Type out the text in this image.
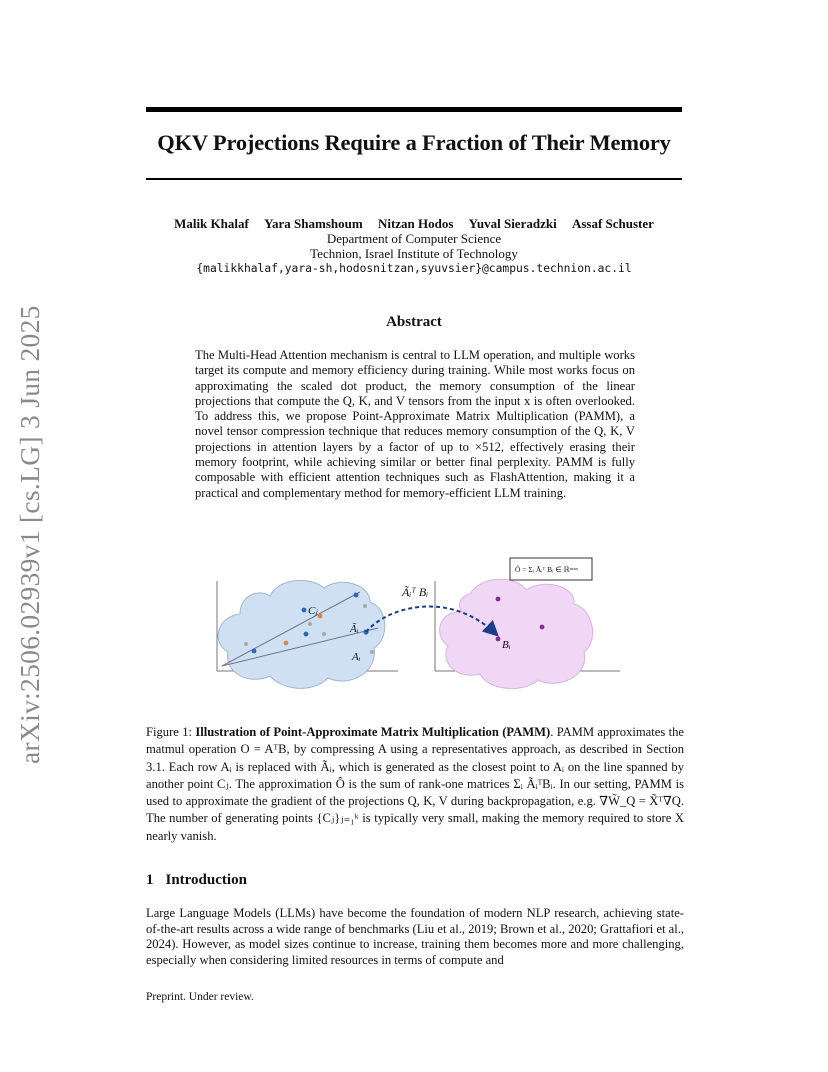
QKV Projections Require a Fraction of Their Memory
Malik Khalaf Yara Shamshoum Nitzan Hodos Yuval Sieradzki Assaf Schuster
Department of Computer Science
Technion, Israel Institute of Technology
{malikkhalaf,yara-sh,hodosnitzan,syuvsier}@campus.technion.ac.il
arXiv:2506.02939v1 [cs.LG] 3 Jun 2025	Abstract
The Multi-Head Attention mechanism is central to LLM operation, and multiple works target its compute and memory efficiency during training. While most works focus on approximating the scaled dot product, the memory consumption of the linear projections that compute the Q, K, and V tensors from the input x is often overlooked. To address this, we propose Point-Approximate Matrix Multiplication (PAMM), a novel tensor compression technique that reduces memory consumption of the Q, K, V projections in attention layers by a factor of up to ×512, effectively erasing their memory footprint, while achieving similar or better final perplexity. PAMM is fully composable with efficient attention techniques such as FlashAttention, making it a practical and complementary method for memory-efficient LLM training.
Cⱼ
Ãᵢ
Aᵢ
Ãᵢᵀ Bᵢ
Bᵢ
Ô = Σᵢ Ãᵢᵀ Bᵢ ∈ ℝᵐˣⁿ
Figure 1: Illustration of Point-Approximate Matrix Multiplication (PAMM). PAMM approximates the matmul operation O = AᵀB, by compressing A using a representatives approach, as described in Section 3.1. Each row Aᵢ is replaced with Ãᵢ, which is generated as the closest point to Aᵢ on the line spanned by another point Cⱼ. The approximation Ô is the sum of rank-one matrices Σᵢ ÃᵢᵀBᵢ. In our setting, PAMM is used to approximate the gradient of the projections Q, K, V during backpropagation, e.g. ∇W̃_Q = X̃ᵀ∇Q. The number of generating points {Cⱼ}ⱼ₌₁ᵏ is typically very small, making the memory required to store X nearly vanish.
1 Introduction
Large Language Models (LLMs) have become the foundation of modern NLP research, achieving state-of-the-art results across a wide range of benchmarks (Liu et al., 2019; Brown et al., 2020; Grattafiori et al., 2024). However, as model sizes continue to increase, training them becomes more and more challenging, especially when considering limited resources in terms of compute and
Preprint. Under review.
